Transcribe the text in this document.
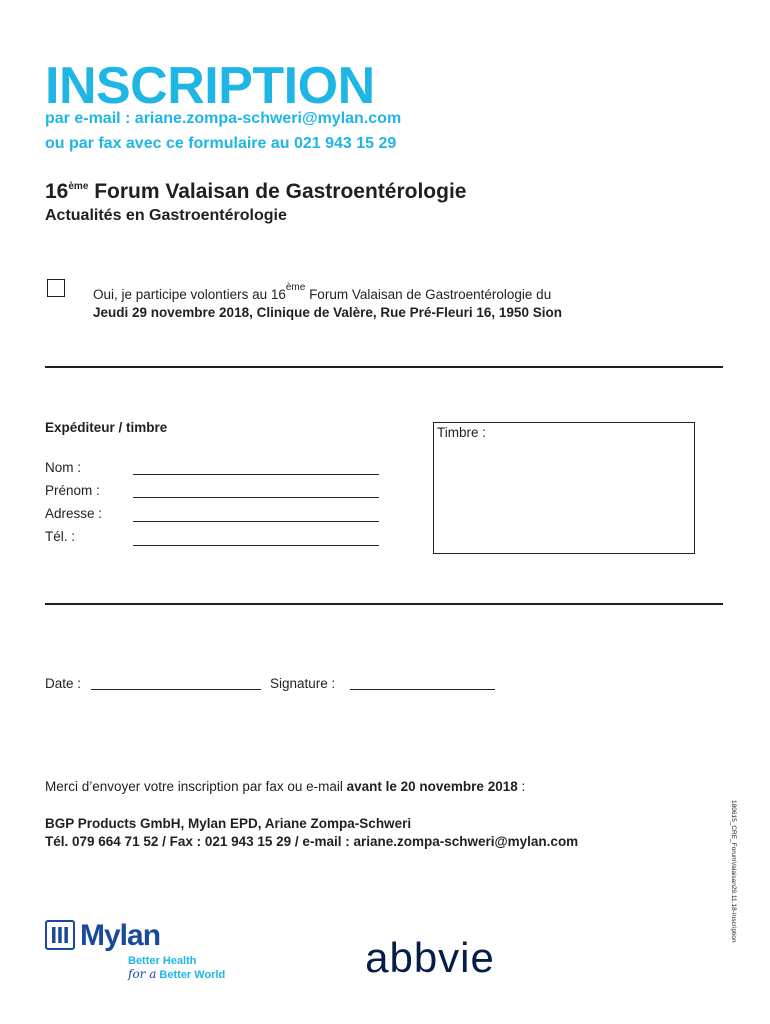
INSCRIPTION
par e-mail : ariane.zompa-schweri@mylan.com
ou par fax avec ce formulaire au 021 943 15 29
16ème Forum Valaisan de Gastroentérologie
Actualités en Gastroentérologie
Oui, je participe volontiers au 16ème Forum Valaisan de Gastroentérologie du
Jeudi 29 novembre 2018, Clinique de Valère, Rue Pré-Fleuri 16, 1950 Sion
Expéditeur / timbre
Nom :
Prénom :
Adresse :
Tél. :
Timbre :
Date :	Signature :
Merci d’envoyer votre inscription par fax ou e-mail avant le 20 novembre 2018 :
BGP Products GmbH, Mylan EPD, Ariane Zompa-Schweri
Tél. 079 664 71 52 / Fax : 021 943 15 29 / e-mail : ariane.zompa-schweri@mylan.com	180615_CRE_ForumValaisan29.11.18-Inscription
Mylan
Better Health
for a Better World	abbvie
